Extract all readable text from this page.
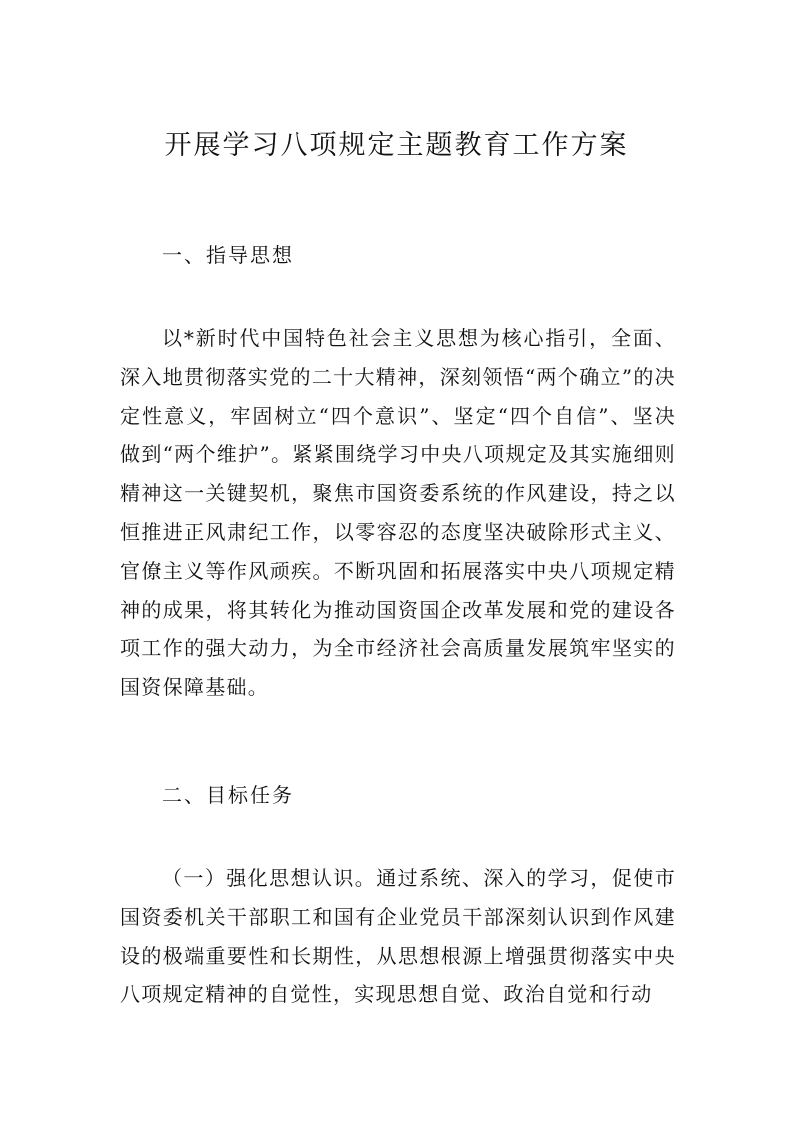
开展学习八项规定主题教育工作方案
一、指导思想

以*新时代中国特色社会主义思想为核心指引，全面、深入地贯彻落实党的二十大精神，深刻领悟“两个确立”的决定性意义，牢固树立“四个意识”、坚定“四个自信”、坚决做到“两个维护”。紧紧围绕学习中央八项规定及其实施细则精神这一关键契机，聚焦市国资委系统的作风建设，持之以恒推进正风肃纪工作，以零容忍的态度坚决破除形式主义、官僚主义等作风顽疾。不断巩固和拓展落实中央八项规定精神的成果，将其转化为推动国资国企改革发展和党的建设各项工作的强大动力，为全市经济社会高质量发展筑牢坚实的国资保障基础。

二、目标任务

（一）强化思想认识。通过系统、深入的学习，促使市国资委机关干部职工和国有企业党员干部深刻认识到作风建设的极端重要性和长期性，从思想根源上增强贯彻落实中央八项规定精神的自觉性，实现思想自觉、政治自觉和行动
